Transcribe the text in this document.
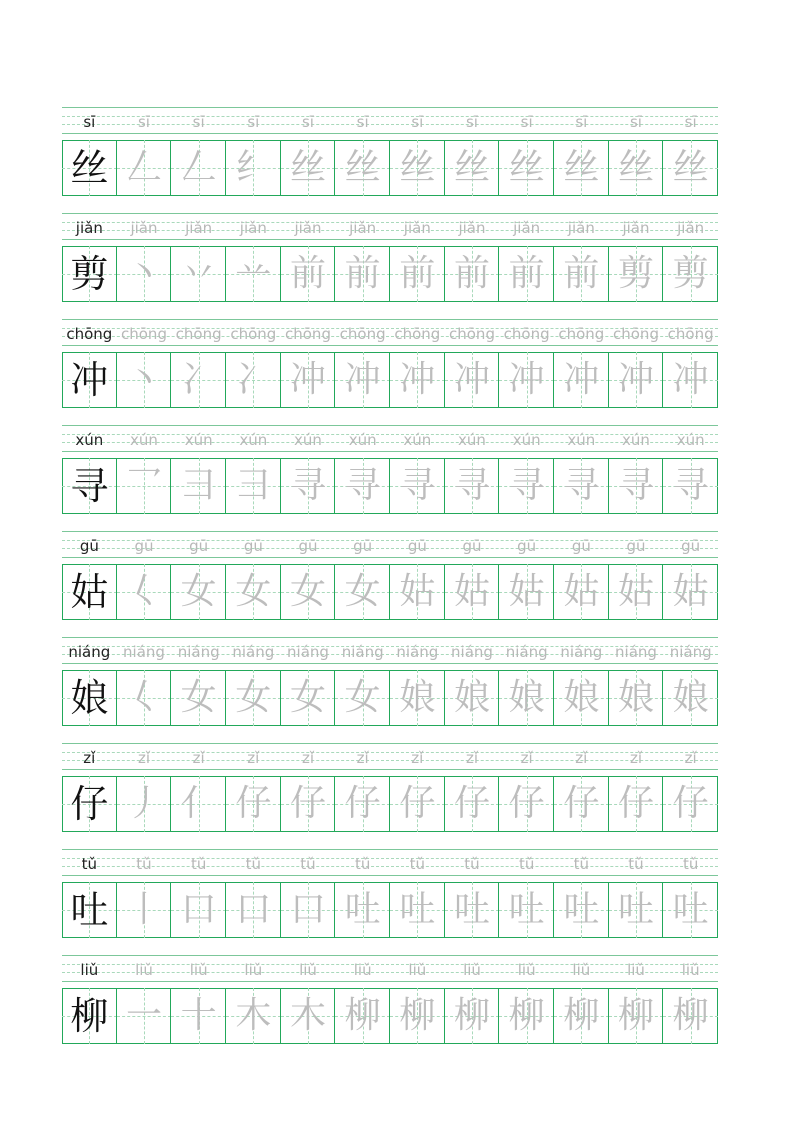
sī	sī	sī	sī	sī	sī	sī	sī	sī	sī	sī	sī
丝 𠃋 𠃋 纟 丝 丝 丝 丝 丝 丝 丝 丝
jiǎn	jiǎn	jiǎn	jiǎn	jiǎn	jiǎn	jiǎn	jiǎn	jiǎn	jiǎn	jiǎn	jiǎn
剪 丶 丷 䒑 前 前 前 前 前 前 剪 剪
chōng chōng chōng chōng chōng chōng chōng chōng chōng chōng chōng chōng
冲 丶 冫 冫 冲 冲 冲 冲 冲 冲 冲 冲
xún	xún	xún	xún	xún	xún	xún	xún	xún	xún	xún	xún
寻 乛 彐 彐 寻 寻 寻 寻 寻 寻 寻 寻
gū	gū	gū	gū	gū	gū	gū	gū	gū	gū	gū	gū
姑 𡿨 女 女 女 女 姑 姑 姑 姑 姑 姑
niáng niáng niáng niáng niáng niáng niáng niáng niáng niáng niáng niáng
娘 𡿨 女 女 女 女 娘 娘 娘 娘 娘 娘
zǐ	zǐ	zǐ	zǐ	zǐ	zǐ	zǐ	zǐ	zǐ	zǐ	zǐ	zǐ
仔 丿 亻 仔 仔 仔 仔 仔 仔 仔 仔 仔
tǔ	tǔ	tǔ	tǔ	tǔ	tǔ	tǔ	tǔ	tǔ	tǔ	tǔ	tǔ
吐 丨 口 口 口 吐 吐 吐 吐 吐 吐 吐
liǔ	liǔ	liǔ	liǔ	liǔ	liǔ	liǔ	liǔ	liǔ	liǔ	liǔ	liǔ
柳 一 十 木 木 柳 柳 柳 柳 柳 柳 柳
